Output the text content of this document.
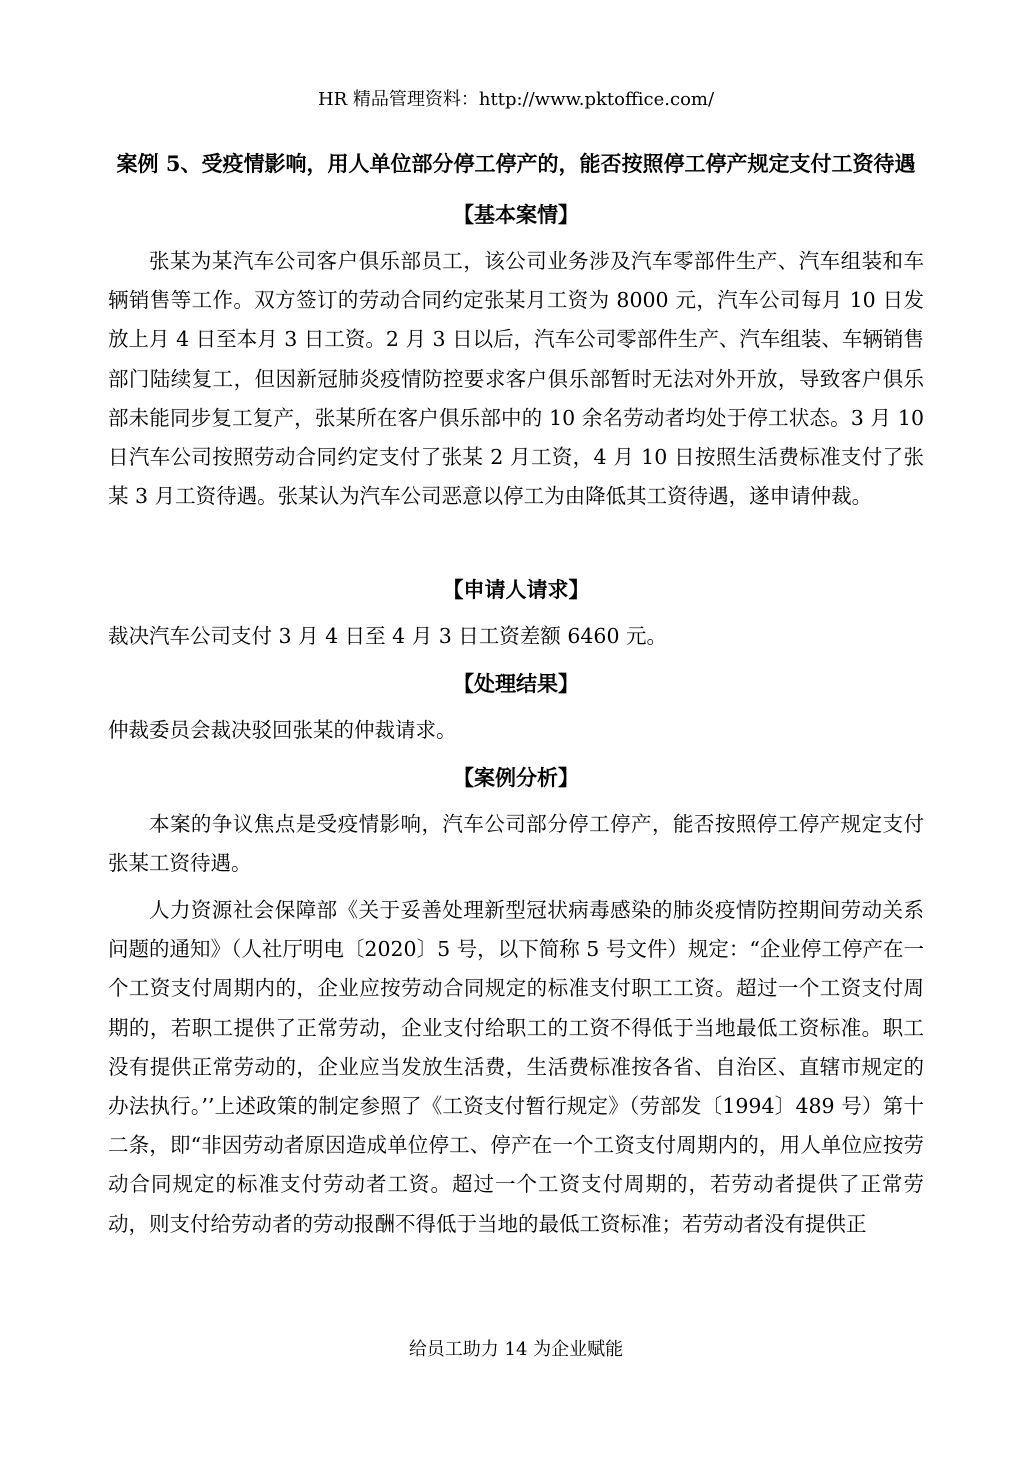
HR 精品管理资料：http://www.pktoffice.com/
案例 5、受疫情影响，用人单位部分停工停产的，能否按照停工停产规定支付工资待遇
【基本案情】
张某为某汽车公司客户俱乐部员工，该公司业务涉及汽车零部件生产、汽车组装和车辆销售等工作。双方签订的劳动合同约定张某月工资为 8000 元，汽车公司每月 10 日发放上月 4 日至本月 3 日工资。2 月 3 日以后，汽车公司零部件生产、汽车组装、车辆销售部门陆续复工，但因新冠肺炎疫情防控要求客户俱乐部暂时无法对外开放，导致客户俱乐部未能同步复工复产，张某所在客户俱乐部中的 10 余名劳动者均处于停工状态。3 月 10 日汽车公司按照劳动合同约定支付了张某 2 月工资，4 月 10 日按照生活费标准支付了张某 3 月工资待遇。张某认为汽车公司恶意以停工为由降低其工资待遇，遂申请仲裁。
【申请人请求】
裁决汽车公司支付 3 月 4 日至 4 月 3 日工资差额 6460 元。
【处理结果】
仲裁委员会裁决驳回张某的仲裁请求。
【案例分析】
本案的争议焦点是受疫情影响，汽车公司部分停工停产，能否按照停工停产规定支付张某工资待遇。
人力资源社会保障部《关于妥善处理新型冠状病毒感染的肺炎疫情防控期间劳动关系问题的通知》（人社厅明电〔2020〕5 号，以下简称 5 号文件）规定：“企业停工停产在一个工资支付周期内的，企业应按劳动合同规定的标准支付职工工资。超过一个工资支付周期的，若职工提供了正常劳动，企业支付给职工的工资不得低于当地最低工资标准。职工没有提供正常劳动的，企业应当发放生活费，生活费标准按各省、自治区、直辖市规定的办法执行。’’上述政策的制定参照了《工资支付暂行规定》（劳部发〔1994〕489 号）第十二条，即“非因劳动者原因造成单位停工、停产在一个工资支付周期内的，用人单位应按劳动合同规定的标准支付劳动者工资。超过一个工资支付周期的，若劳动者提供了正常劳动，则支付给劳动者的劳动报酬不得低于当地的最低工资标准；若劳动者没有提供正
给员工助力 14 为企业赋能
